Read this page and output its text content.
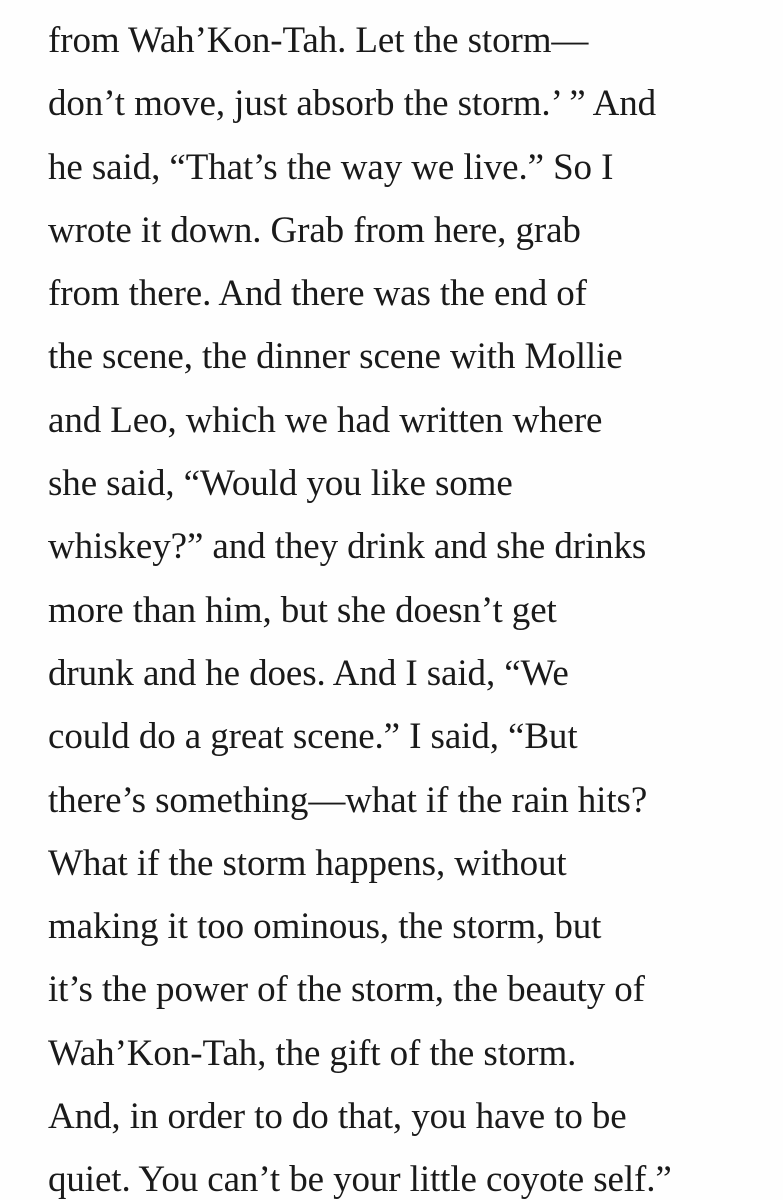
from Wah’Kon-Tah. Let the storm—
don’t move, just absorb the storm.’ ” And
he said, “That’s the way we live.” So I
wrote it down. Grab from here, grab
from there. And there was the end of
the scene, the dinner scene with Mollie
and Leo, which we had written where
she said, “Would you like some
whiskey?” and they drink and she drinks
more than him, but she doesn’t get
drunk and he does. And I said, “We
could do a great scene.” I said, “But
there’s something—what if the rain hits?
What if the storm happens, without
making it too ominous, the storm, but
it’s the power of the storm, the beauty of
Wah’Kon-Tah, the gift of the storm.
And, in order to do that, you have to be
quiet. You can’t be your little coyote self.”
